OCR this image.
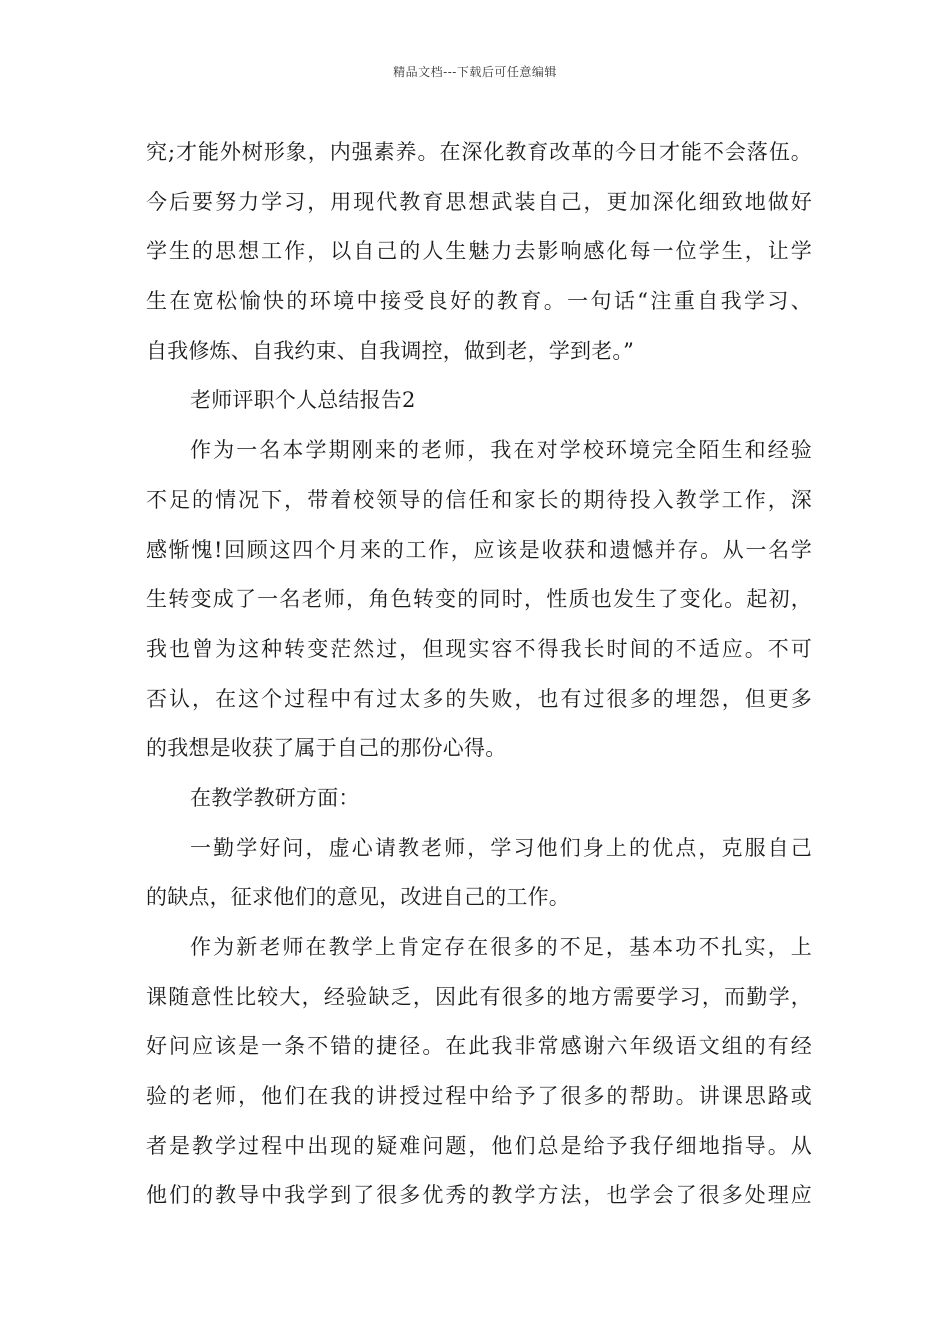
精品文档---下载后可任意编辑
究;才能外树形象，内强素养。在深化教育改革的今日才能不会落伍。
今后要努力学习，用现代教育思想武装自己，更加深化细致地做好
学生的思想工作，以自己的人生魅力去影响感化每一位学生，让学
生在宽松愉快的环境中接受良好的教育。一句话“注重自我学习、
自我修炼、自我约束、自我调控，做到老，学到老。”
老师评职个人总结报告2
作为一名本学期刚来的老师，我在对学校环境完全陌生和经验
不足的情况下，带着校领导的信任和家长的期待投入教学工作，深
感惭愧!回顾这四个月来的工作，应该是收获和遗憾并存。从一名学
生转变成了一名老师，角色转变的同时，性质也发生了变化。起初，
我也曾为这种转变茫然过，但现实容不得我长时间的不适应。不可
否认，在这个过程中有过太多的失败，也有过很多的埋怨，但更多
的我想是收获了属于自己的那份心得。
在教学教研方面：
一勤学好问，虚心请教老师，学习他们身上的优点，克服自己
的缺点，征求他们的意见，改进自己的工作。
作为新老师在教学上肯定存在很多的不足，基本功不扎实，上
课随意性比较大，经验缺乏，因此有很多的地方需要学习，而勤学，
好问应该是一条不错的捷径。在此我非常感谢六年级语文组的有经
验的老师，他们在我的讲授过程中给予了很多的帮助。讲课思路或
者是教学过程中出现的疑难问题，他们总是给予我仔细地指导。从
他们的教导中我学到了很多优秀的教学方法，也学会了很多处理应
